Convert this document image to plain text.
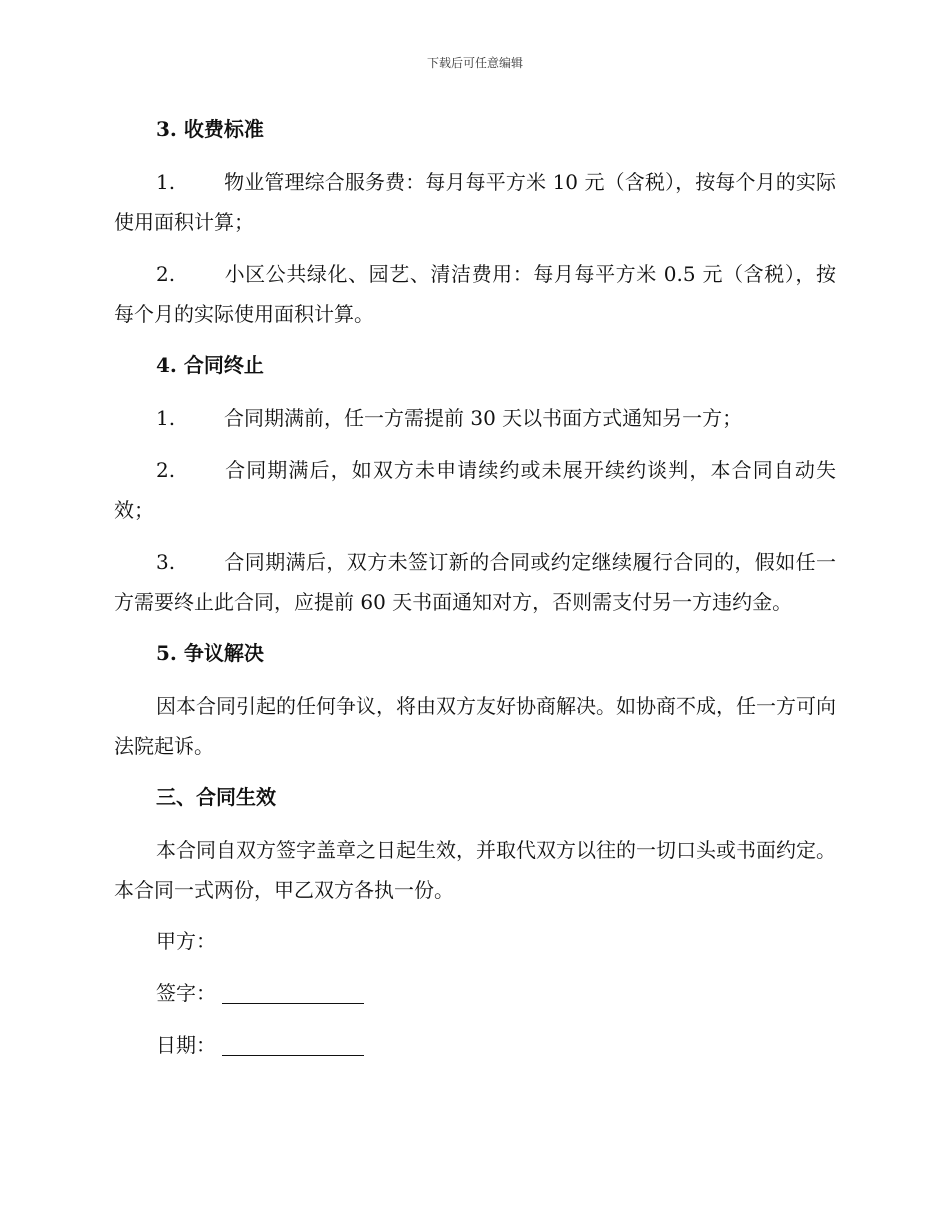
下载后可任意编辑
3. 收费标准

1. 物业管理综合服务费：每月每平方米 10 元（含税），按每个月的实际使用面积计算；

2. 小区公共绿化、园艺、清洁费用：每月每平方米 0.5 元（含税），按每个月的实际使用面积计算。

4. 合同终止

1. 合同期满前，任一方需提前 30 天以书面方式通知另一方；

2. 合同期满后，如双方未申请续约或未展开续约谈判，本合同自动失效；

3. 合同期满后，双方未签订新的合同或约定继续履行合同的，假如任一方需要终止此合同，应提前 60 天书面通知对方，否则需支付另一方违约金。

5. 争议解决

因本合同引起的任何争议，将由双方友好协商解决。如协商不成，任一方可向法院起诉。

三、合同生效

本合同自双方签字盖章之日起生效，并取代双方以往的一切口头或书面约定。本合同一式两份，甲乙双方各执一份。

甲方：
签字：
日期：
